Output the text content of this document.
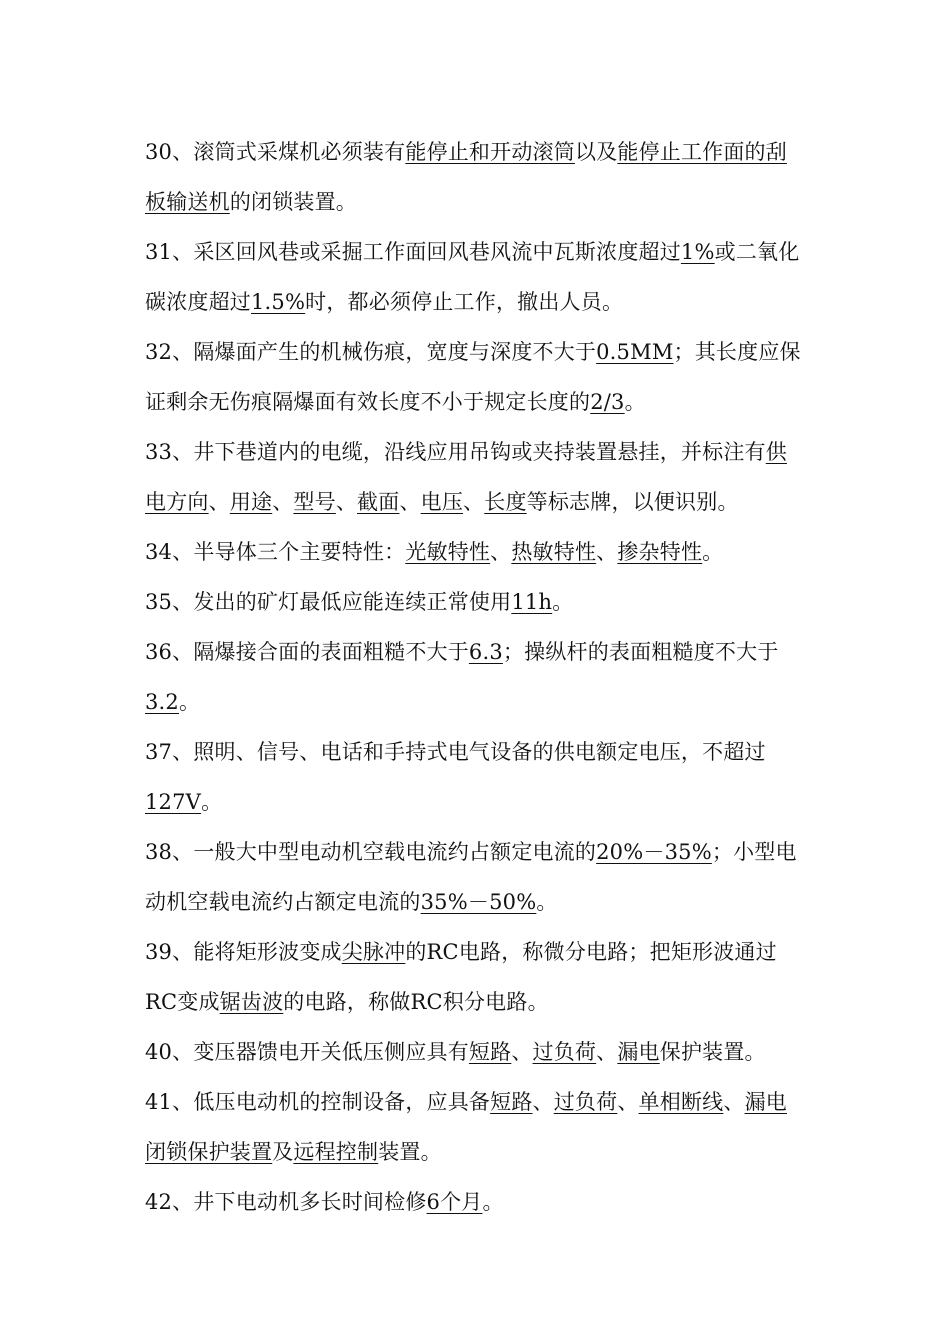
30、滚筒式采煤机必须装有能停止和开动滚筒以及能停止工作面的刮板输送机的闭锁装置。

31、采区回风巷或采掘工作面回风巷风流中瓦斯浓度超过1%或二氧化碳浓度超过1.5%时，都必须停止工作，撤出人员。

32、隔爆面产生的机械伤痕，宽度与深度不大于0.5MM；其长度应保证剩余无伤痕隔爆面有效长度不小于规定长度的2/3。

33、井下巷道内的电缆，沿线应用吊钩或夹持装置悬挂，并标注有供电方向、用途、型号、截面、电压、长度等标志牌，以便识别。

34、半导体三个主要特性：光敏特性、热敏特性、掺杂特性。

35、发出的矿灯最低应能连续正常使用11h。

36、隔爆接合面的表面粗糙不大于6.3；操纵杆的表面粗糙度不大于3.2。

37、照明、信号、电话和手持式电气设备的供电额定电压，不超过127V。

38、一般大中型电动机空载电流约占额定电流的20%－35%；小型电动机空载电流约占额定电流的35%－50%。

39、能将矩形波变成尖脉冲的RC电路，称微分电路；把矩形波通过RC变成锯齿波的电路，称做RC积分电路。

40、变压器馈电开关低压侧应具有短路、过负荷、漏电保护装置。

41、低压电动机的控制设备，应具备短路、过负荷、单相断线、漏电闭锁保护装置及远程控制装置。

42、井下电动机多长时间检修6个月。
